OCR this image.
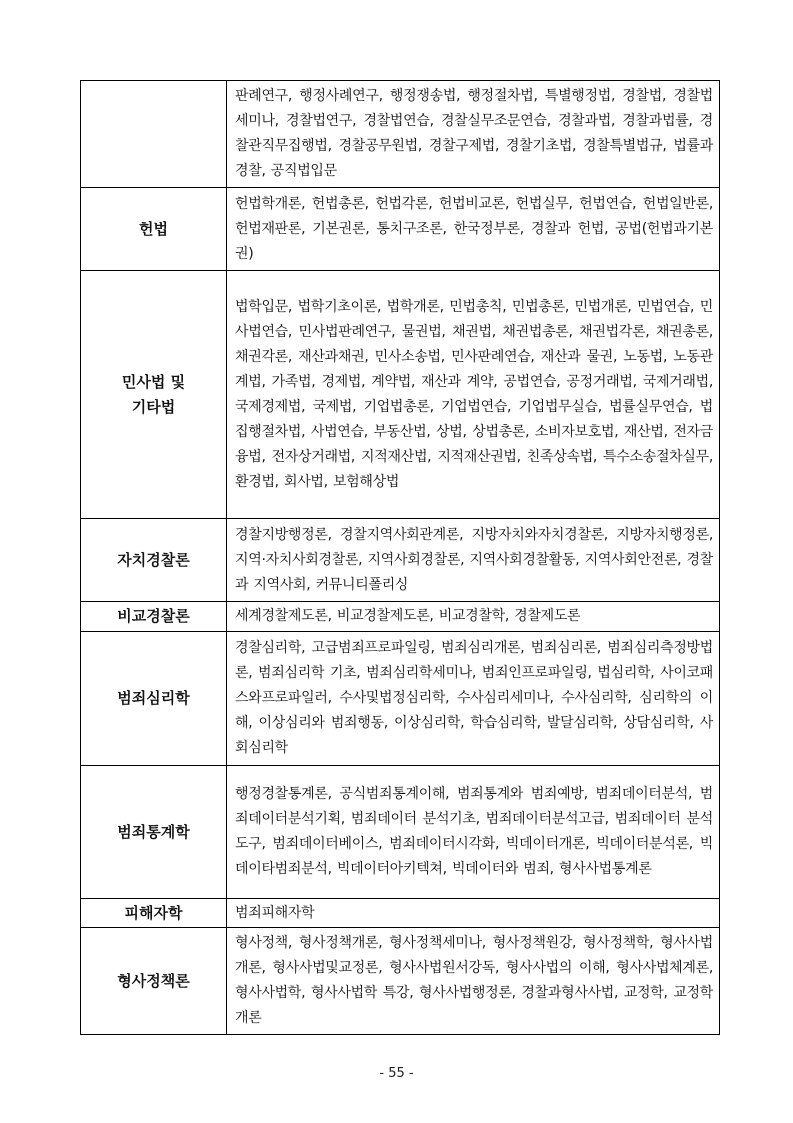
	판례연구, 행정사례연구, 행정쟁송법, 행정절차법, 특별행정법, 경찰법, 경찰법세미나, 경찰법연구, 경찰법연습, 경찰실무조문연습, 경찰과법, 경찰과법률, 경찰관직무집행법, 경찰공무원법, 경찰구제법, 경찰기초법, 경찰특별법규, 법률과경찰, 공직법입문
헌법	헌법학개론, 헌법총론, 헌법각론, 헌법비교론, 헌법실무, 헌법연습, 헌법일반론, 헌법재판론, 기본권론, 통치구조론, 한국정부론, 경찰과 헌법, 공법(헌법과기본권)
민사법 및 기타법	법학입문, 법학기초이론, 법학개론, 민법총칙, 민법총론, 민법개론, 민법연습, 민사법연습, 민사법판례연구, 물권법, 채권법, 채권법총론, 채권법각론, 채권총론, 채권각론, 재산과채권, 민사소송법, 민사판례연습, 재산과 물권, 노동법, 노동관계법, 가족법, 경제법, 계약법, 재산과 계약, 공법연습, 공정거래법, 국제거래법, 국제경제법, 국제법, 기업법총론, 기업법연습, 기업법무실습, 법률실무연습, 법집행절차법, 사법연습, 부동산법, 상법, 상법총론, 소비자보호법, 재산법, 전자금융법, 전자상거래법, 지적재산법, 지적재산권법, 친족상속법, 특수소송절차실무, 환경법, 회사법, 보험해상법
자치경찰론	경찰지방행정론, 경찰지역사회관계론, 지방자치와자치경찰론, 지방자치행정론, 지역·자치사회경찰론, 지역사회경찰론, 지역사회경찰활동, 지역사회안전론, 경찰과 지역사회, 커뮤니티폴리싱
비교경찰론	세계경찰제도론, 비교경찰제도론, 비교경찰학, 경찰제도론
범죄심리학	경찰심리학, 고급범죄프로파일링, 범죄심리개론, 범죄심리론, 범죄심리측정방법론, 범죄심리학 기초, 범죄심리학세미나, 범죄인프로파일링, 법심리학, 사이코패스와프로파일러, 수사및법정심리학, 수사심리세미나, 수사심리학, 심리학의 이해, 이상심리와 범죄행동, 이상심리학, 학습심리학, 발달심리학, 상담심리학, 사회심리학
범죄통계학	행정경찰통계론, 공식범죄통계이해, 범죄통계와 범죄예방, 범죄데이터분석, 범죄데이터분석기획, 범죄데이터 분석기초, 범죄데이터분석고급, 범죄데이터 분석도구, 범죄데이터베이스, 범죄데이터시각화, 빅데이터개론, 빅데이터분석론, 빅데이타범죄분석, 빅데이터아키텍쳐, 빅데이터와 범죄, 형사사법통계론
피해자학	범죄피해자학
형사정책론	형사정책, 형사정책개론, 형사정책세미나, 형사정책원강, 형사정책학, 형사사법개론, 형사사법및교정론, 형사사법원서강독, 형사사법의 이해, 형사사법체계론, 형사사법학, 형사사법학 특강, 형사사법행정론, 경찰과형사사법, 교정학, 교정학개론
- 55 -
